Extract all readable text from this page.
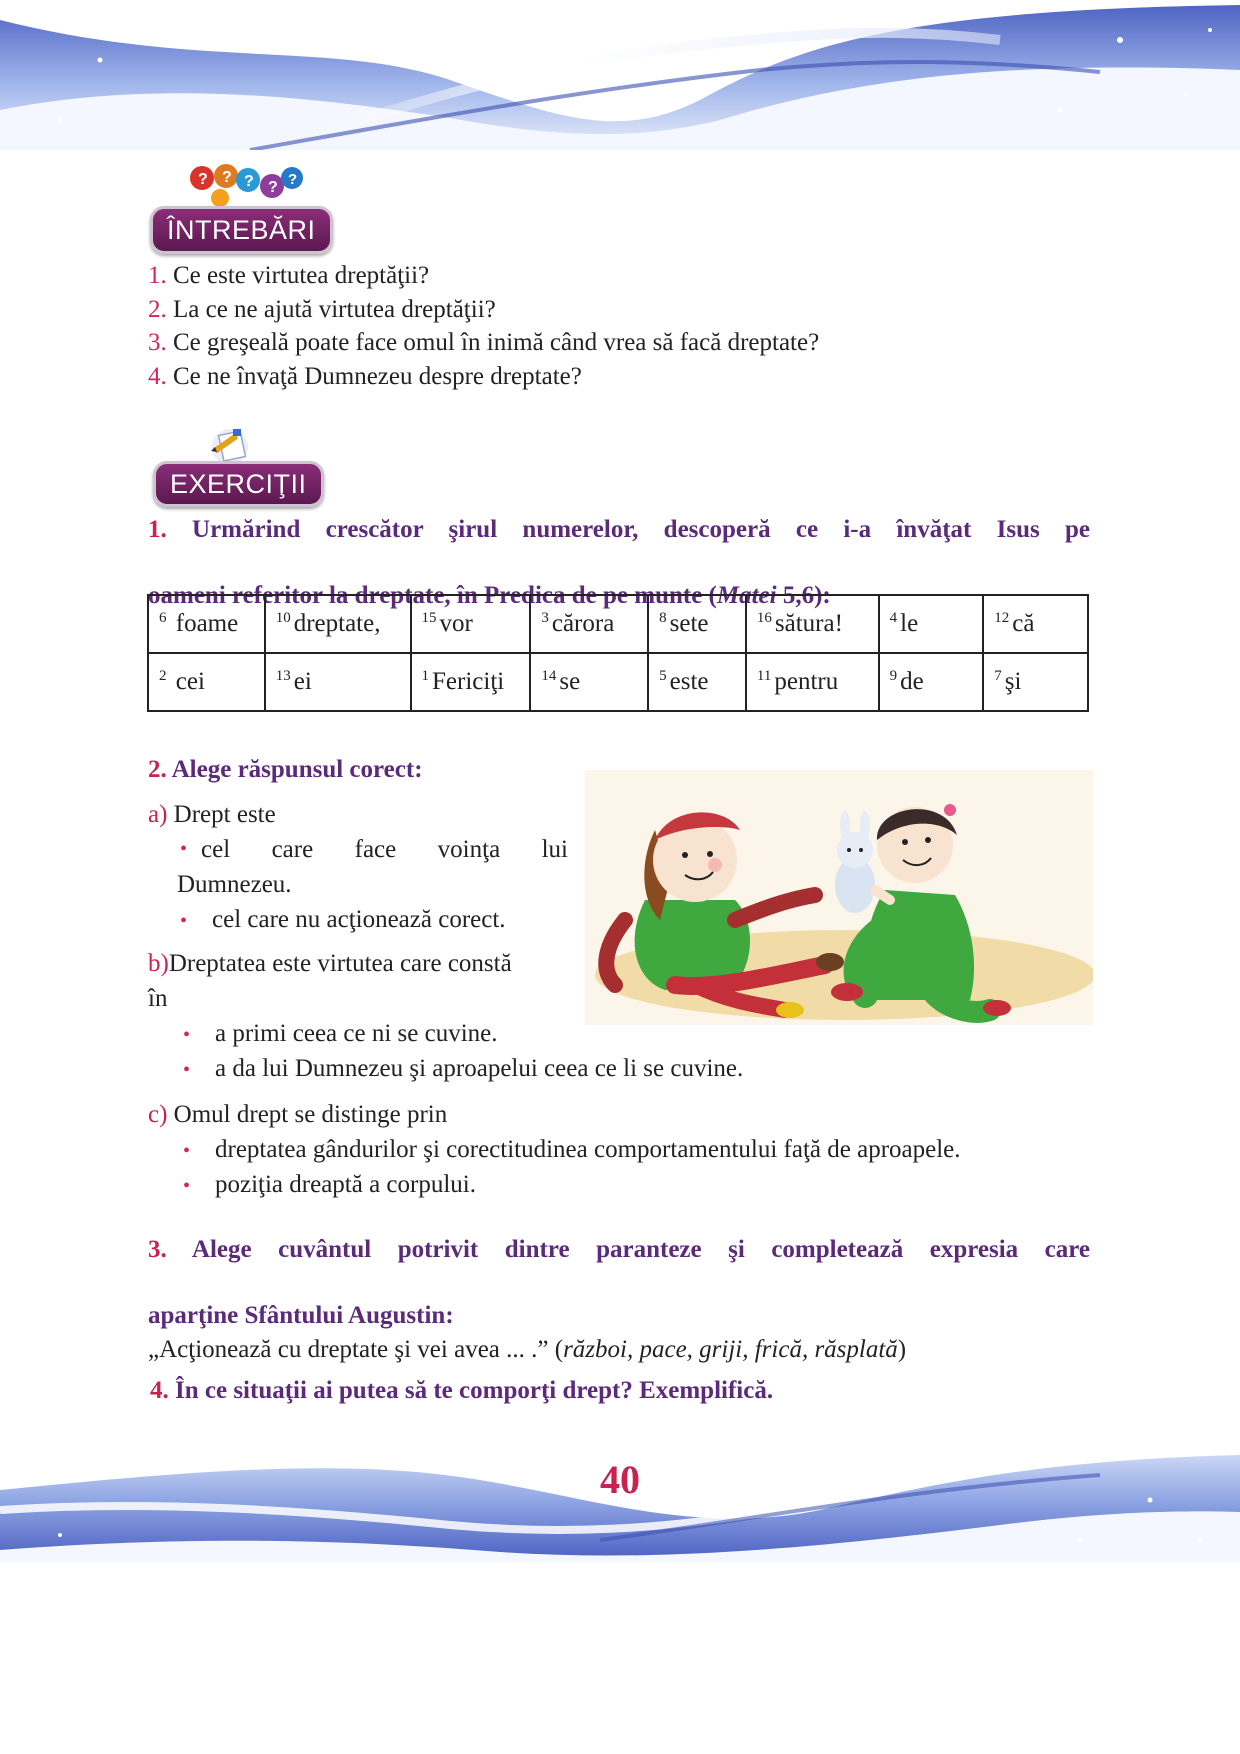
? ? ? ? ?
ÎNTREBĂRI
1. Ce este virtutea dreptăţii?
2. La ce ne ajută virtutea dreptăţii?
3. Ce greşeală poate face omul în inimă când vrea să facă dreptate?
4. Ce ne învaţă Dumnezeu despre dreptate?
EXERCIŢII
1. Urmărind crescător şirul numerelor, descoperă ce i-a învăţat Isus pe
oameni referitor la dreptate, în Predica de pe munte (Matei 5,6):
$^6$ foame	$^{10}$ dreptate,	$^{15}$ vor	$^3$ cărora	$^8$ sete	$^{16}$ sătura!	$^4$ le	$^{12}$ că
$^2$ cei	$^{13}$ ei	$^1$ Fericiţi	$^{14}$ se	$^5$ este	$^{11}$ pentru	$^9$ de	$^7$ şi
2. Alege răspunsul corect:
a) Drept este
• cel care face voinţa lui
Dumnezeu.
• cel care nu acţionează corect.
b)Dreptatea este virtutea care constă
în
• a primi ceea ce ni se cuvine.
• a da lui Dumnezeu şi aproapelui ceea ce li se cuvine.
c) Omul drept se distinge prin
• dreptatea gândurilor şi corectitudinea comportamentului faţă de aproapele.
• poziţia dreaptă a corpului.
3. Alege cuvântul potrivit dintre paranteze şi completează expresia care
aparţine Sfântului Augustin:
„Acţionează cu dreptate şi vei avea ... .” (război, pace, griji, frică, răsplată)
4. În ce situaţii ai putea să te comporţi drept? Exemplifică.
40
